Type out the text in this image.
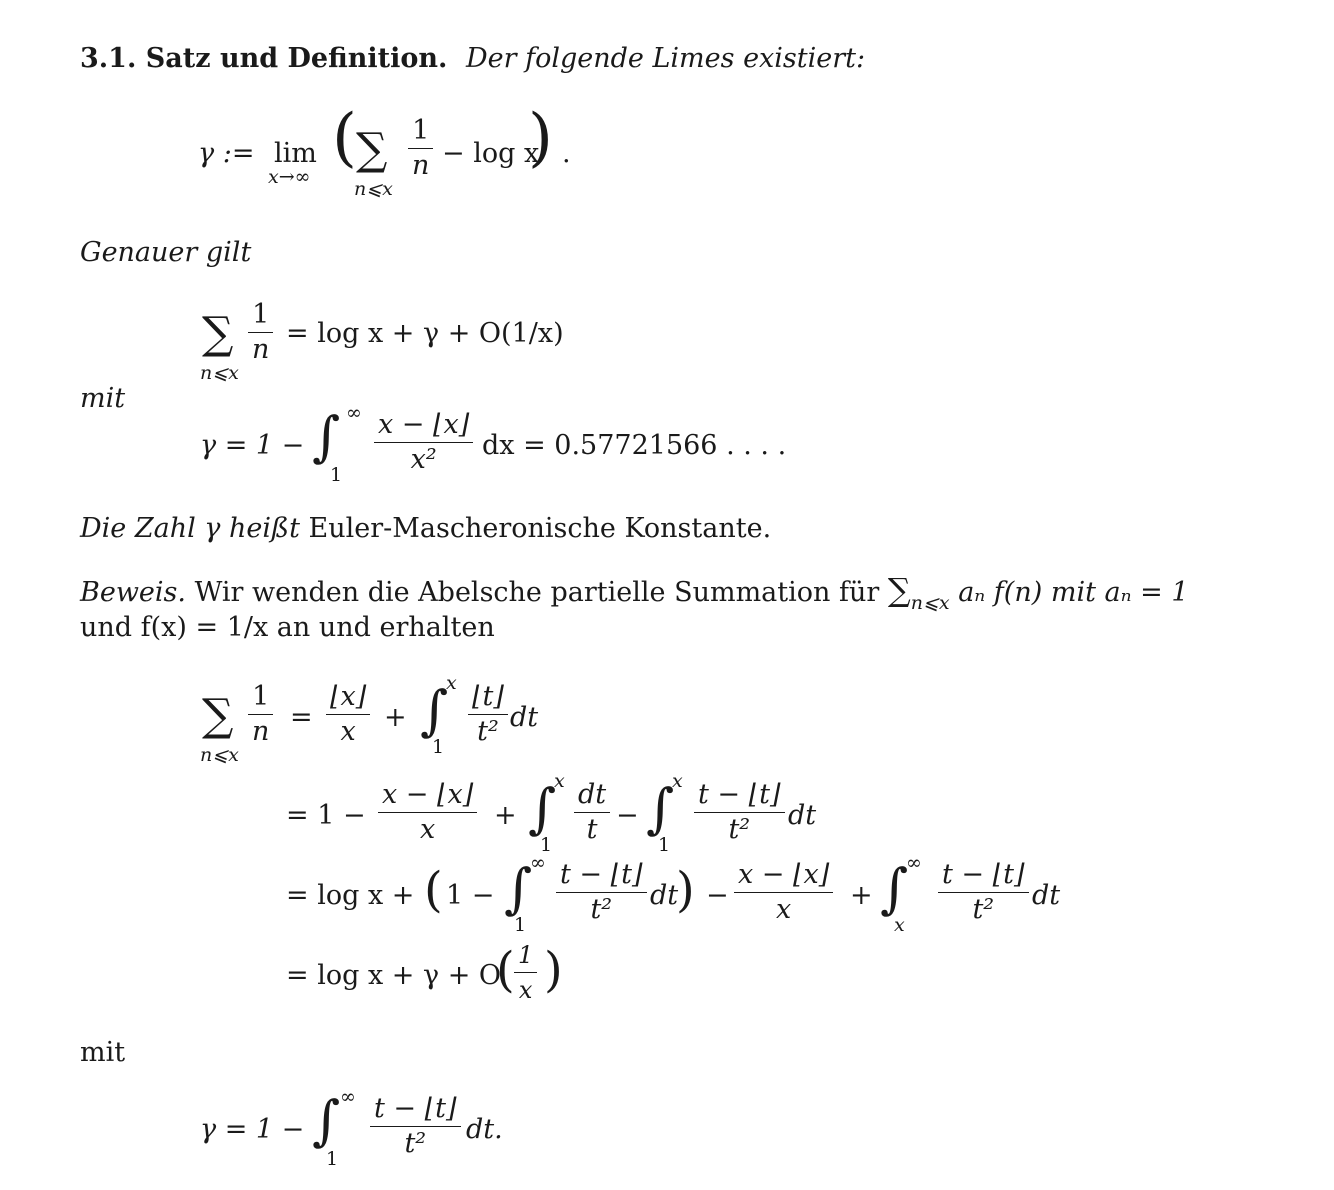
3.1. Satz und Definition. Der folgende Limes existiert:
γ := lim
x→∞
( ∑
n⩽x
$\frac{1}{n} - \log x$
) .
Genauer gilt
∑
n⩽x
$\frac{1}{n} = \log x + \gamma + O(1/x)$
mit
γ = 1 − ∫ ∞
$1 \frac{x - ⌊x⌋}{\text{x²}}$ dx = 0.57721566 . . . .
Die Zahl γ heißt Euler-Mascheronische Konstante.
Beweis. Wir wenden die Abelsche partielle Summation für $\sum_{n⩽x}$ aₙ f(n) mit aₙ = 1
und f(x) = 1/x an und erhalten
∑
n⩽x
$\frac{1}{n} = \frac{⌊x⌋}{x}$ + ∫
x
$1 \frac{⌊t⌋}{\text{t²}}$ dt
= $1 - \frac{x - ⌊x⌋}{x}$ + ∫
x
$1 \frac{dt}{t}$ − ∫
x
$1 \frac{t - ⌊t⌋}{\text{t²}}$ dt
= log x + ( 1 − ∫
∞
$1 \frac{t - ⌊t⌋}{\text{t²}}$ dt
) − $\frac{x - ⌊x⌋}{x}$ + ∫
∞
x $\frac{t - ⌊t⌋}{\text{t²}}$ dt
= log x + γ + O
( $\frac{1}{x}$ )
mit
γ = 1 − ∫ ∞
$1 \frac{t - ⌊t⌋}{\text{t²}}$ dt.
